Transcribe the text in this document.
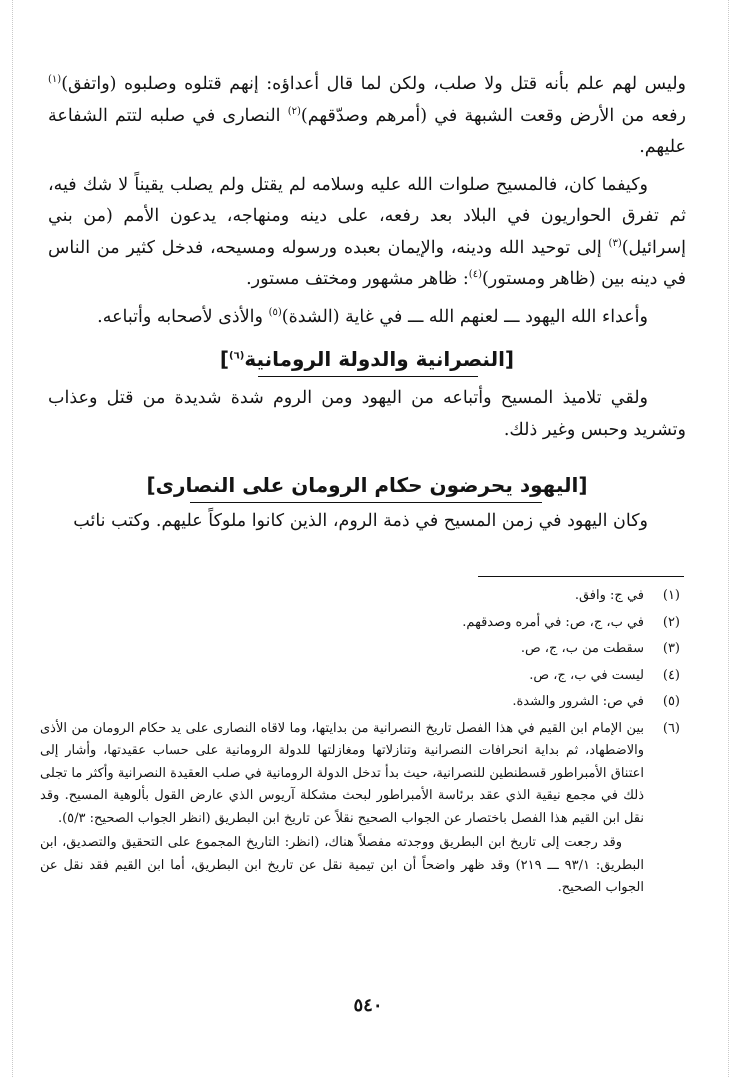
وليس لهم علم بأنه قتل ولا صلب، ولكن لما قال أعداؤه: إنهم قتلوه وصلبوه (واتفق)$^{(١)}$ رفعه من الأرض وقعت الشبهة في (أمرهم وصدّقهم)$^{(٢)}$ النصارى في صلبه لتتم الشفاعة عليهم.

وكيفما كان، فالمسيح صلوات الله عليه وسلامه لم يقتل ولم يصلب يقيناً لا شك فيه، ثم تفرق الحواريون في البلاد بعد رفعه، على دينه ومنهاجه، يدعون الأمم (من بني إسرائيل)$^{(٣)}$ إلى توحيد الله ودينه، والإيمان بعبده ورسوله ومسيحه، فدخل كثير من الناس في دينه بين (ظاهر ومستور)$^{(٤)}$: ظاهر مشهور ومختف مستور.

وأعداء الله اليهود ـــ لعنهم الله ـــ في غاية (الشدة)$^{(٥)}$ والأذى لأصحابه وأتباعه.

[النصرانية والدولة الرومانية$^{(٦)}$]
ولقي تلاميذ المسيح وأتباعه من اليهود ومن الروم شدة شديدة من قتل وعذاب وتشريد وحبس وغير ذلك.
[اليهود يحرضون حكام الرومان على النصارى]
وكان اليهود في زمن المسيح في ذمة الروم، الذين كانوا ملوكاً عليهم. وكتب نائب
(١)
في ج: وافق.
(٢)
في ب، ج، ص: في أمره وصدقهم.
(٣)
سقطت من ب، ج، ص.
(٤)
ليست في ب، ج، ص.
(٥)
في ص: الشرور والشدة.
(٦)
بين الإمام ابن القيم في هذا الفصل تاريخ النصرانية من بدايتها، وما لاقاه النصارى على يد حكام الرومان من الأذى والاضطهاد، ثم بداية انحرافات النصرانية وتنازلاتها ومغازلتها للدولة الرومانية على حساب عقيدتها، وأشار إلى اعتناق الأمبراطور قسطنطين للنصرانية، حيث بدأ تدخل الدولة الرومانية في صلب العقيدة النصرانية وأكثر ما تجلى ذلك في مجمع نيقية الذي عقد برئاسة الأمبراطور لبحث مشكلة آريوس الذي عارض القول بألوهية المسيح. وقد نقل ابن القيم هذا الفصل باختصار عن الجواب الصحيح نقلاً عن تاريخ ابن البطريق (انظر الجواب الصحيح: ٥/٣).
وقد رجعت إلى تاريخ ابن البطريق ووجدته مفصلاً هناك، (انظر: التاريخ المجموع على التحقيق والتصديق، ابن البطريق: ٩٣/١ ـــ ٢١٩) وقد ظهر واضحاً أن ابن تيمية نقل عن تاريخ ابن البطريق، أما ابن القيم فقد نقل عن الجواب الصحيح.
٥٤٠
